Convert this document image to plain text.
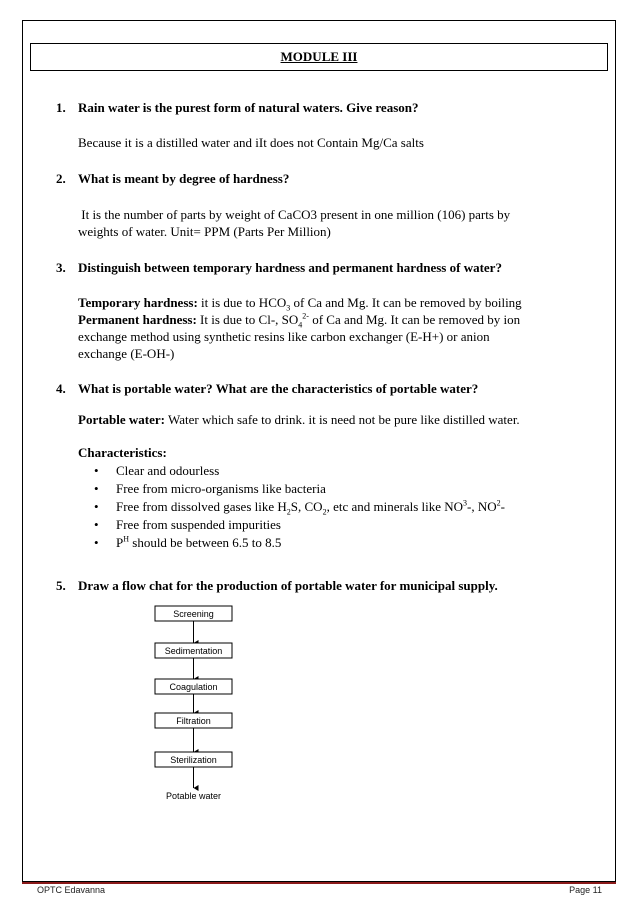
MODULE III
1. Rain water is the purest form of natural waters. Give reason?
Because it is a distilled water and iIt does not Contain Mg/Ca salts
2. What is meant by degree of hardness?
It is the number of parts by weight of CaCO3 present in one million (106) parts by
weights of water. Unit= PPM (Parts Per Million)
3. Distinguish between temporary hardness and permanent hardness of water?
Temporary hardness: it is due to $HCO_3$ of Ca and Mg. It can be removed by boiling
Permanent hardness: It is due to Cl-, $SO_4^{2-}$ of Ca and Mg. It can be removed by ion
exchange method using synthetic resins like carbon exchanger (E-H+) or anion
exchange (E-OH-)
4. What is portable water? What are the characteristics of portable water?
Portable water: Water which safe to drink. it is need not be pure like distilled water.
Characteristics:
• Clear and odourless
• Free from micro-organisms like bacteria
• Free from dissolved gases like $H_2S$, $CO_2$, etc and minerals like $NO^3-$, $NO^2-$
• Free from suspended impurities
• $P^H$ should be between 6.5 to 8.5
5. Draw a flow chat for the production of portable water for municipal supply.
Screening
Sedimentation
Coagulation
Filtration
Sterilization
Potable water
OPTC Edavanna	Page 11
